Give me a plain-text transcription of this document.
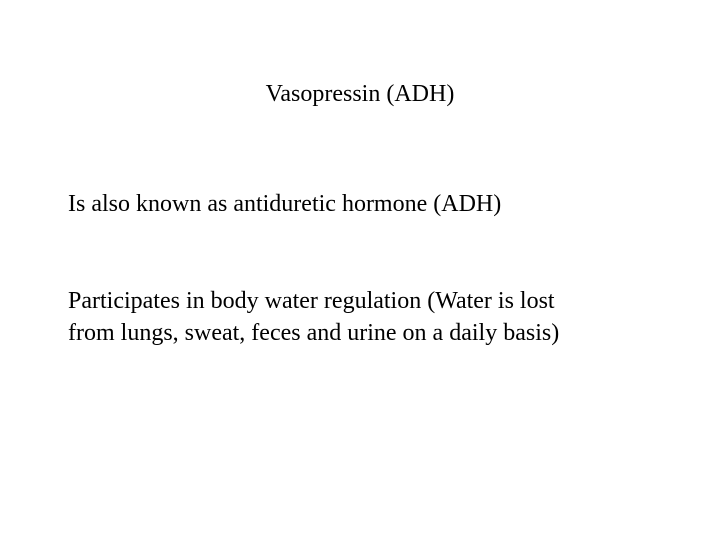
Vasopressin (ADH)
Is also known as antiduretic hormone (ADH)
Participates in body water regulation (Water is lost
from lungs, sweat, feces and urine on a daily basis)
